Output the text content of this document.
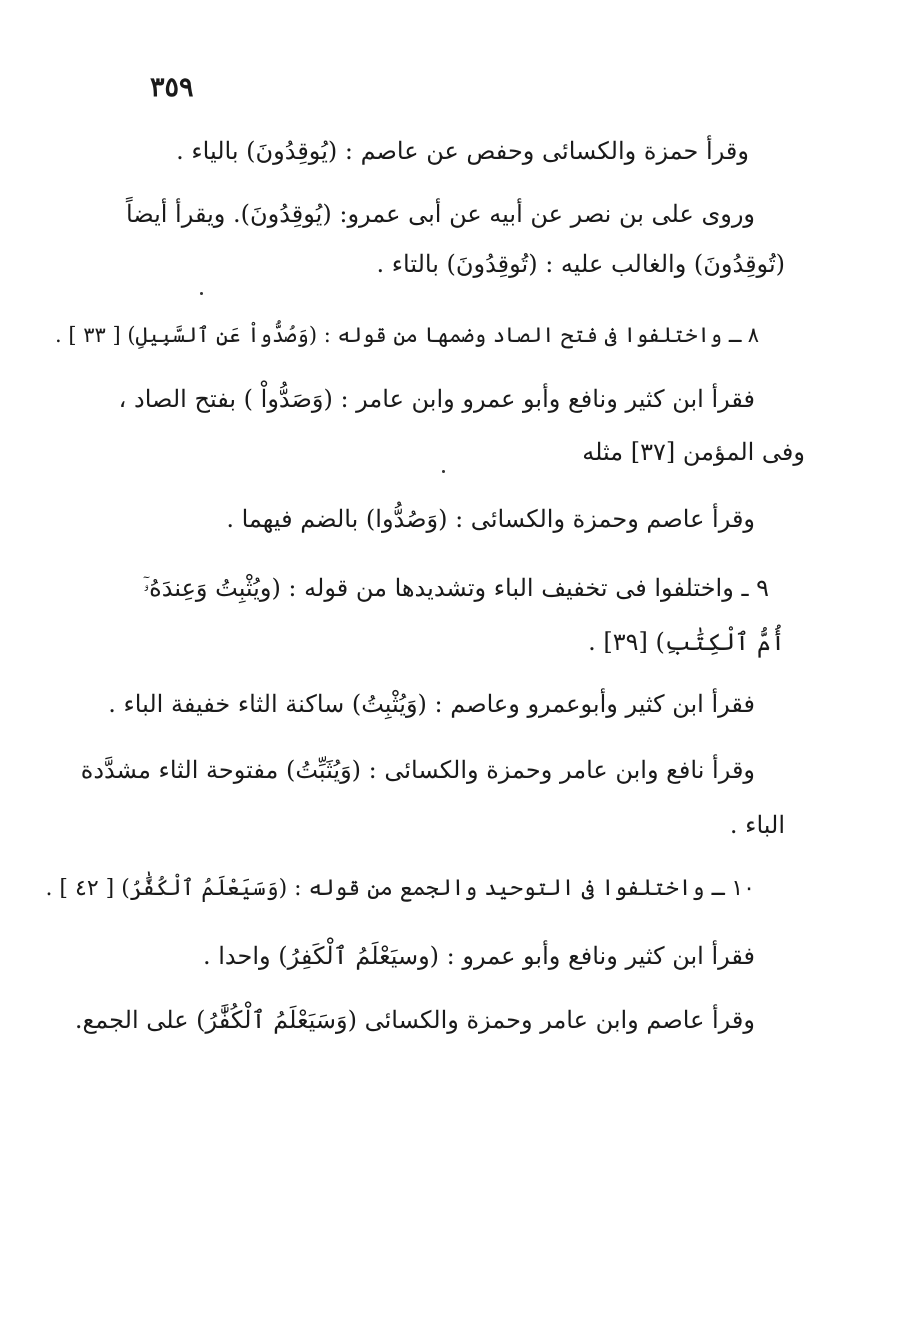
٣٥٩
وقرأ حمزة والكسائى وحفص عن عاصم : (يُوقِدُونَ) بالياء .
وروى على بن نصر عن أبيه عن أبى عمرو: (يُوقِدُونَ). ويقرأ أيضاً
(تُوقِدُونَ) والغالب عليه : (تُوقِدُونَ) بالتاء .
٨ ـ واختلفوا فى فتح الصاد وضمها من قوله : (وَصُدُّواْ عَنِ ٱلسَّبِيلِ) [ ٣٣ ] .
فقرأ ابن كثير ونافع وأبو عمرو وابن عامر : (وَصَدُّواْ ) بفتح الصاد ،
وفى المؤمن [٣٧] مثله
وقرأ عاصم وحمزة والكسائى : (وَصُدُّوا) بالضم فيهما .
٩ ـ واختلفوا فى تخفيف الباء وتشديدها من قوله : (ويُثْبِتُ وَعِندَهُۥٓ
أُمُّ ٱلْكِتَٰبِ) [٣٩] .
فقرأ ابن كثير وأبوعمرو وعاصم : (وَيُثْبِتُ) ساكنة الثاء خفيفة الباء .
وقرأ نافع وابن عامر وحمزة والكسائى : (وَيُثَبِّتُ) مفتوحة الثاء مشدَّدة
الباء .
١٠ ـ واختلفوا فى التوحيد والجمع من قوله : (وَسَيَعْلَمُ ٱلْكُفَّٰرُ) [ ٤٢ ] .
فقرأ ابن كثير ونافع وأبو عمرو : (وسيَعْلَمُ ٱلْكَفِرُ) واحدا .
وقرأ عاصم وابن عامر وحمزة والكسائى (وَسَيَعْلَمُ ٱلْكُفَّٰرُ) على الجمع.
